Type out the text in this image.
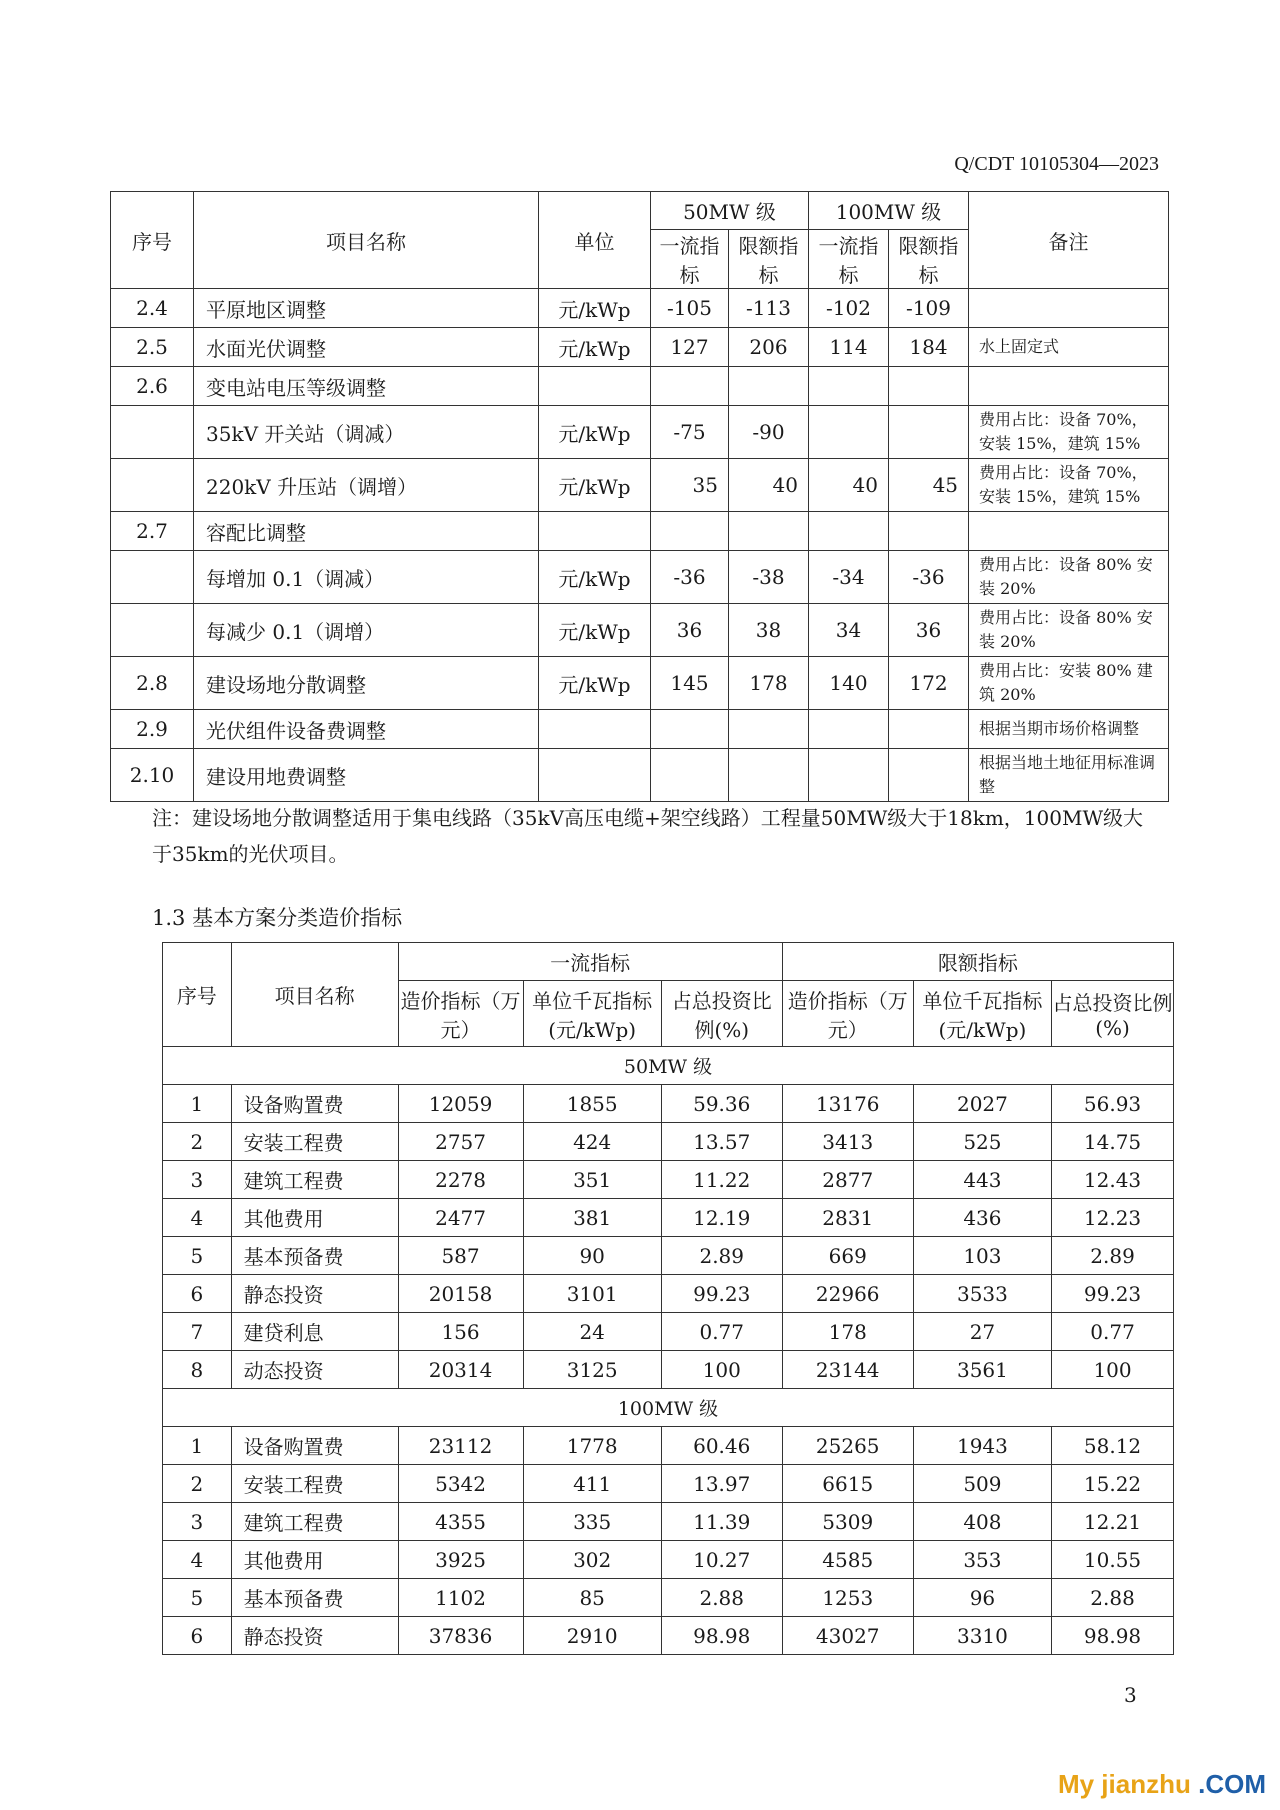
Q/CDT 10105304—2023
序号	项目名称	单位	50MW 级		100MW 级		备注
			一流指标	限额指标	一流指标	限额指标	
2.4	平原地区调整	元/kWp	-105	-113	-102	-109	
2.5	水面光伏调整	元/kWp	127	206	114	184	水上固定式
2.6	变电站电压等级调整						
	35kV 开关站（调减）	元/kWp	-75	-90			费用占比：设备 70%， 安装 15%，建筑 15%
	220kV 升压站（调增）	元/kWp	35	40	40	45	费用占比：设备 70%， 安装 15%，建筑 15%
2.7	容配比调整						
	每增加 0.1（调减）	元/kWp	-36	-38	-34	-36	费用占比：设备 80% 安装 20%
	每减少 0.1（调增）	元/kWp	36	38	34	36	费用占比：设备 80% 安装 20%
2.8	建设场地分散调整	元/kWp	145	178	140	172	费用占比：安装 80% 建筑 20%
2.9	光伏组件设备费调整						根据当期市场价格调整
2.10	建设用地费调整						根据当地土地征用标准调整
注：建设场地分散调整适用于集电线路（35kV高压电缆+架空线路）工程量50MW级大于18km，100MW级大于35km的光伏项目。
1.3 基本方案分类造价指标
序号	项目名称	一流指标			限额指标		
		造价指标（万元）	单位千瓦指标(元/kWp)	占总投资比例(%)	造价指标（万元）	单位千瓦指标(元/kWp)	占总投资比例(%)
50MW 级							
1	设备购置费	12059	1855	59.36	13176	2027	56.93
2	安装工程费	2757	424	13.57	3413	525	14.75
3	建筑工程费	2278	351	11.22	2877	443	12.43
4	其他费用	2477	381	12.19	2831	436	12.23
5	基本预备费	587	90	2.89	669	103	2.89
6	静态投资	20158	3101	99.23	22966	3533	99.23
7	建贷利息	156	24	0.77	178	27	0.77
8	动态投资	20314	3125	100	23144	3561	100
100MW 级							
1	设备购置费	23112	1778	60.46	25265	1943	58.12
2	安装工程费	5342	411	13.97	6615	509	15.22
3	建筑工程费	4355	335	11.39	5309	408	12.21
4	其他费用	3925	302	10.27	4585	353	10.55
5	基本预备费	1102	85	2.88	1253	96	2.88
6	静态投资	37836	2910	98.98	43027	3310	98.98
3
My jianzhu .COM
